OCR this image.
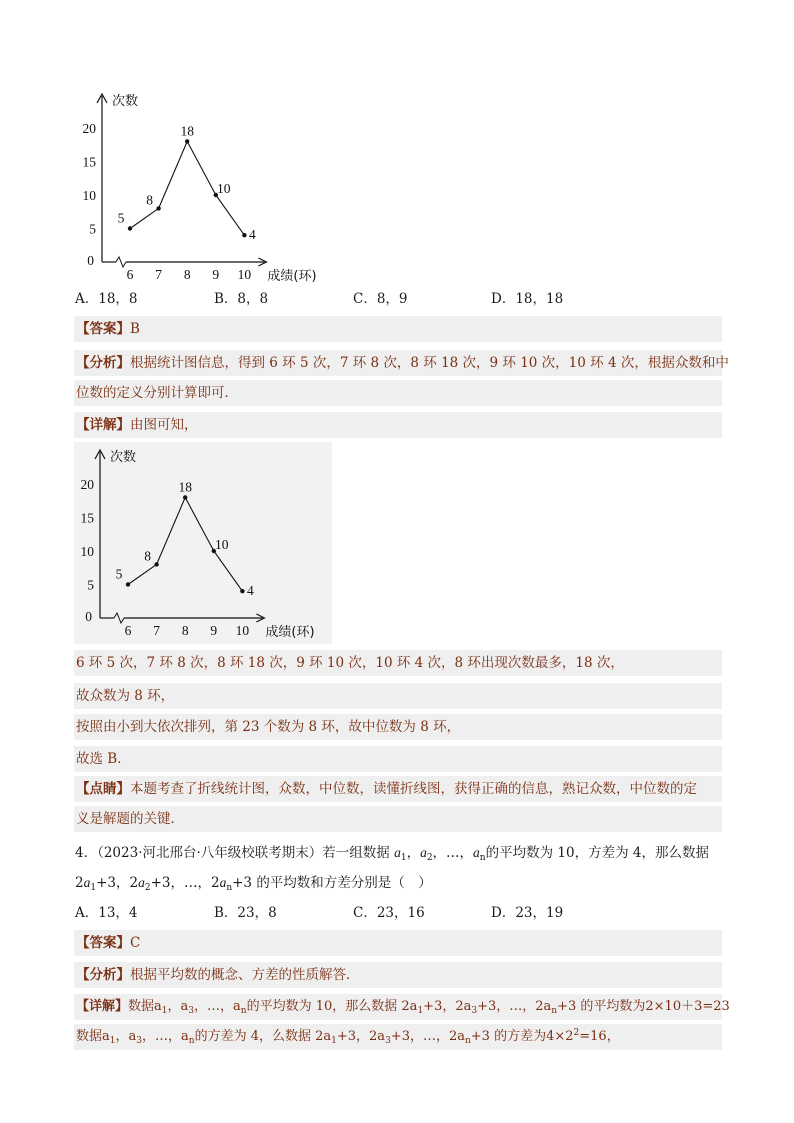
次数
5
10
15
20
0
6 7 8 9 10 成绩(环)
5
8
18
10
4
A．18，8	B．8，8	C．8，9	D．18，18
【答案】B
【分析】根据统计图信息，得到 6 环 5 次，7 环 8 次，8 环 18 次，9 环 10 次，10 环 4 次，根据众数和中
位数的定义分别计算即可．
【详解】由图可知，
次数
5
10
15
20
0
6 7 8 9 10 成绩(环)
5
8
18
10
4
6 环 5 次，7 环 8 次，8 环 18 次，9 环 10 次，10 环 4 次，8 环出现次数最多，18 次，
故众数为 8 环，
按照由小到大依次排列，第 23 个数为 8 环，故中位数为 8 环，
故选 B．
【点睛】本题考查了折线统计图，众数，中位数，读懂折线图，获得正确的信息，熟记众数，中位数的定
义是解题的关键．
4．（2023·河北邢台·八年级校联考期末）若一组数据 $a_1$，$a_2$，…，$a_n$的平均数为 10，方差为 4，那么数据
$2a_1+3$，$2a_2+3$，…，$2a_n+3$ 的平均数和方差分别是（　）
A．13，4	B．23，8	C．23，16	D．23，19
【答案】C
【分析】根据平均数的概念、方差的性质解答．
【详解】数据$a_1$，$a_3$，…，$a_n$的平均数为 10，那么数据 $2a_1+3$，$2a_3+3$，…，$2a_n+3$ 的平均数为2×10＋3=23
数据$a_1$，$a_3$，…，$a_n$的方差为 4，么数据 $2a_1+3$，$2a_3+3$，…，$2a_n+3$ 的方差为$4\times 2^2=16$，
